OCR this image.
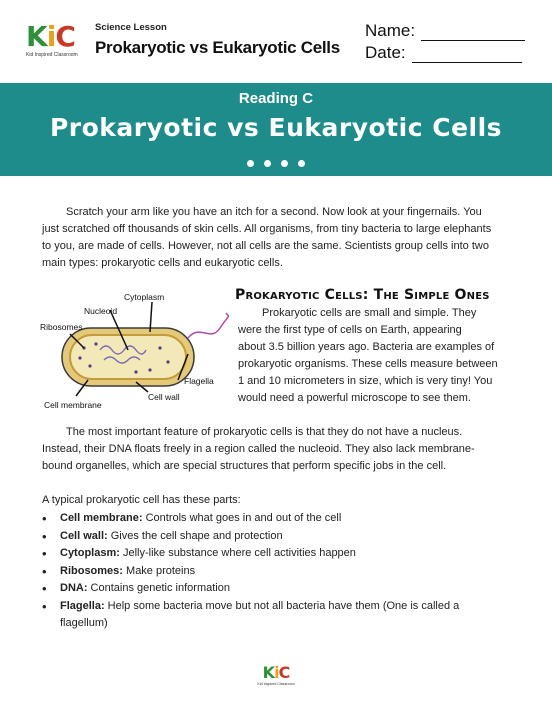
KiC
Kid Inspired Classroom
Science Lesson
Prokaryotic vs Eukaryotic Cells
Name:
Date:
Reading C
Prokaryotic vs Eukaryotic Cells
Scratch your arm like you have an itch for a second. Now look at your fingernails. You
just scratched off thousands of skin cells. All organisms, from tiny bacteria to large elephants
to you, are made of cells. However, not all cells are the same. Scientists group cells into two
main types: prokaryotic cells and eukaryotic cells.
Nucleoid
Cytoplasm
Ribosomes
Flagella
Cell wall
Cell membrane
Prokaryotic Cells: The Simple Ones
Prokaryotic cells are small and simple. They
were the first type of cells on Earth, appearing
about 3.5 billion years ago. Bacteria are examples of
prokaryotic organisms. These cells measure between
1 and 10 micrometers in size, which is very tiny! You
would need a powerful microscope to see them.
The most important feature of prokaryotic cells is that they do not have a nucleus.
Instead, their DNA floats freely in a region called the nucleoid. They also lack membrane-
bound organelles, which are special structures that perform specific jobs in the cell.
A typical prokaryotic cell has these parts:
• Cell membrane: Controls what goes in and out of the cell
• Cell wall: Gives the cell shape and protection
• Cytoplasm: Jelly-like substance where cell activities happen
• Ribosomes: Make proteins
• DNA: Contains genetic information
• Flagella: Help some bacteria move but not all bacteria have them (One is called a
flagellum)
KiC
Kid Inspired Classroom
